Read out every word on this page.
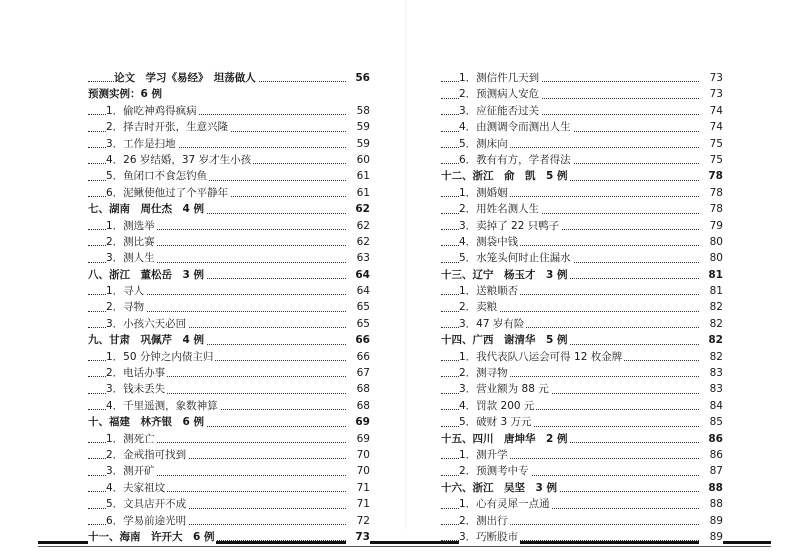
论文　学习《易经》　坦荡做人	56
预测实例：6 例
1．偷吃神鸡得疯病	58
2．择吉时开张，生意兴隆	59
3．工作是扫地	59
4．26 岁结婚，37 岁才生小孩	60
5．鱼闭口不食怎钓鱼	61
6．泥鳅使他过了个平静年	61
七、湖南　周仕杰　4 例	62
1．测选举	62
2．测比赛	62
3．测人生	63
八、浙江　董松岳　3 例	64
1．寻人	64
2．寻物	65
3．小孩六天必回	65
九、甘肃　巩佩芹　4 例	66
1．50 分钟之内债主归	66
2．电话办事	67
3．钱未丢失	68
4．千里遥测，象数神算	68
十、福建　林齐银　6 例	69
1．测死亡	69
2．金戒指可找到	70
3．测开矿	70
4．夫家祖坟	71
5．文具店开不成	71
6．学易前途光明	72
十一、海南　许开大　6 例	73
1．测信件几天到	73
2．预测病人安危	73
3．应征能否过关	74
4．由测调令而测出人生	74
5．测床向	75
6．教有有方，学者得法	75
十二、浙江　俞　凯　5 例	78
1．测婚姻	78
2．用姓名测人生	78
3．卖掉了 22 只鸭子	79
4．测袋中钱	80
5．水笼头何时止住漏水	80
十三、辽宁　杨玉才　3 例	81
1．送粮顺否	81
2．卖粮	82
3．47 岁有险	82
十四、广西　谢清华　5 例	82
1．我代表队八运会可得 12 枚金牌	82
2．测寻物	83
3．营业额为 88 元	83
4．罚款 200 元	84
5．破财 3 万元	85
十五、四川　唐坤华　2 例	86
1．测升学	86
2．预测考中专	87
十六、浙江　吴坚　3 例	88
1．心有灵犀一点通	88
2．测出行	89
3．巧断股市	89
